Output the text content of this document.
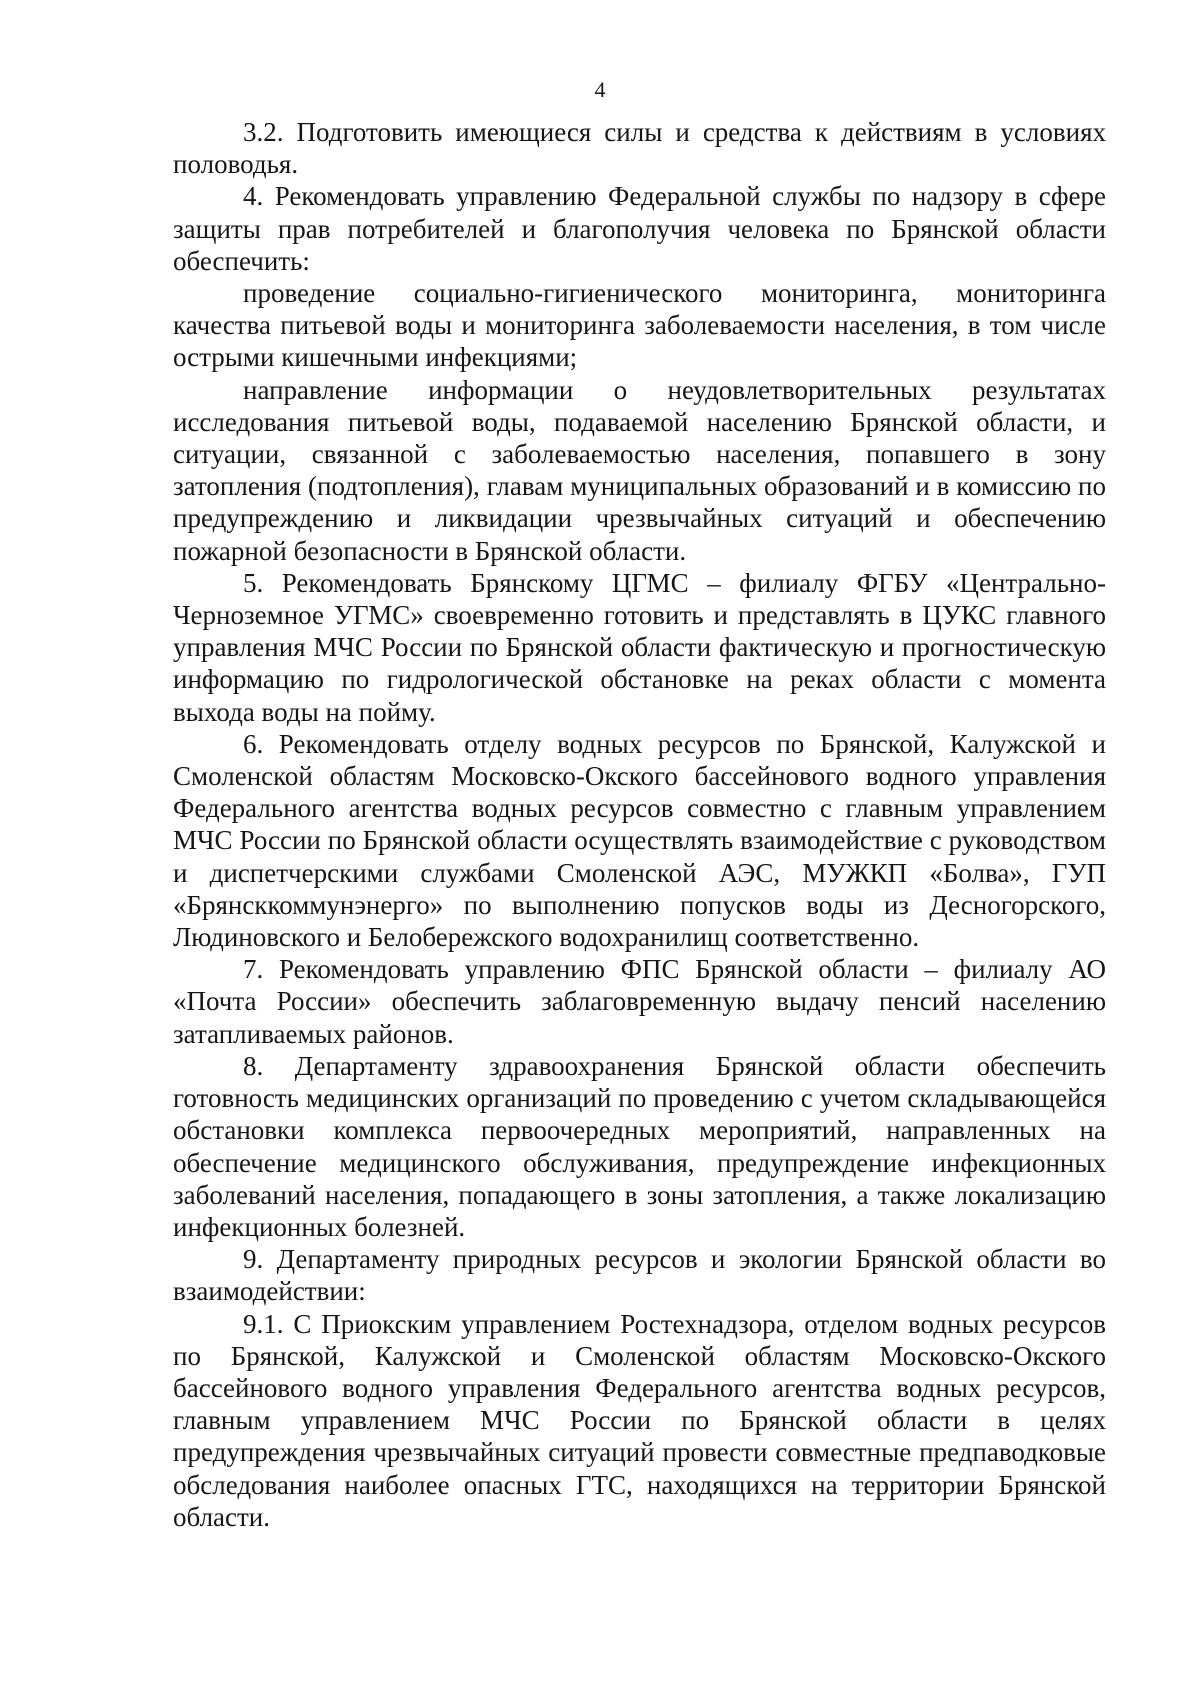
4

3.2. Подготовить имеющиеся силы и средства к действиям в условиях половодья.

4. Рекомендовать управлению Федеральной службы по надзору в сфере защиты прав потребителей и благополучия человека по Брянской области обеспечить:

проведение социально-гигиенического мониторинга, мониторинга качества питьевой воды и мониторинга заболеваемости населения, в том числе острыми кишечными инфекциями;

направление информации о неудовлетворительных результатах исследования питьевой воды, подаваемой населению Брянской области, и ситуации, связанной с заболеваемостью населения, попавшего в зону затопления (подтопления), главам муниципальных образований и в комиссию по предупреждению и ликвидации чрезвычайных ситуаций и обеспечению пожарной безопасности в Брянской области.

5. Рекомендовать Брянскому ЦГМС – филиалу ФГБУ «Центрально-Черноземное УГМС» своевременно готовить и представлять в ЦУКС главного управления МЧС России по Брянской области фактическую и прогностическую информацию по гидрологической обстановке на реках области с момента выхода воды на пойму.

6. Рекомендовать отделу водных ресурсов по Брянской, Калужской и Смоленской областям Московско-Окского бассейнового водного управления Федерального агентства водных ресурсов совместно с главным управлением МЧС России по Брянской области осуществлять взаимодействие с руководством и диспетчерскими службами Смоленской АЭС, МУЖКП «Болва», ГУП «Брянсккоммунэнерго» по выполнению попусков воды из Десногорского, Людиновского и Белобережского водохранилищ соответственно.

7. Рекомендовать управлению ФПС Брянской области – филиалу АО «Почта России» обеспечить заблаговременную выдачу пенсий населению затапливаемых районов.

8. Департаменту здравоохранения Брянской области обеспечить готовность медицинских организаций по проведению с учетом складывающейся обстановки комплекса первоочередных мероприятий, направленных на обеспечение медицинского обслуживания, предупреждение инфекционных заболеваний населения, попадающего в зоны затопления, а также локализацию инфекционных болезней.

9. Департаменту природных ресурсов и экологии Брянской области во взаимодействии:

9.1. С Приокским управлением Ростехнадзора, отделом водных ресурсов по Брянской, Калужской и Смоленской областям Московско-Окского бассейнового водного управления Федерального агентства водных ресурсов, главным управлением МЧС России по Брянской области в целях предупреждения чрезвычайных ситуаций провести совместные предпаводковые обследования наиболее опасных ГТС, находящихся на территории Брянской области.
